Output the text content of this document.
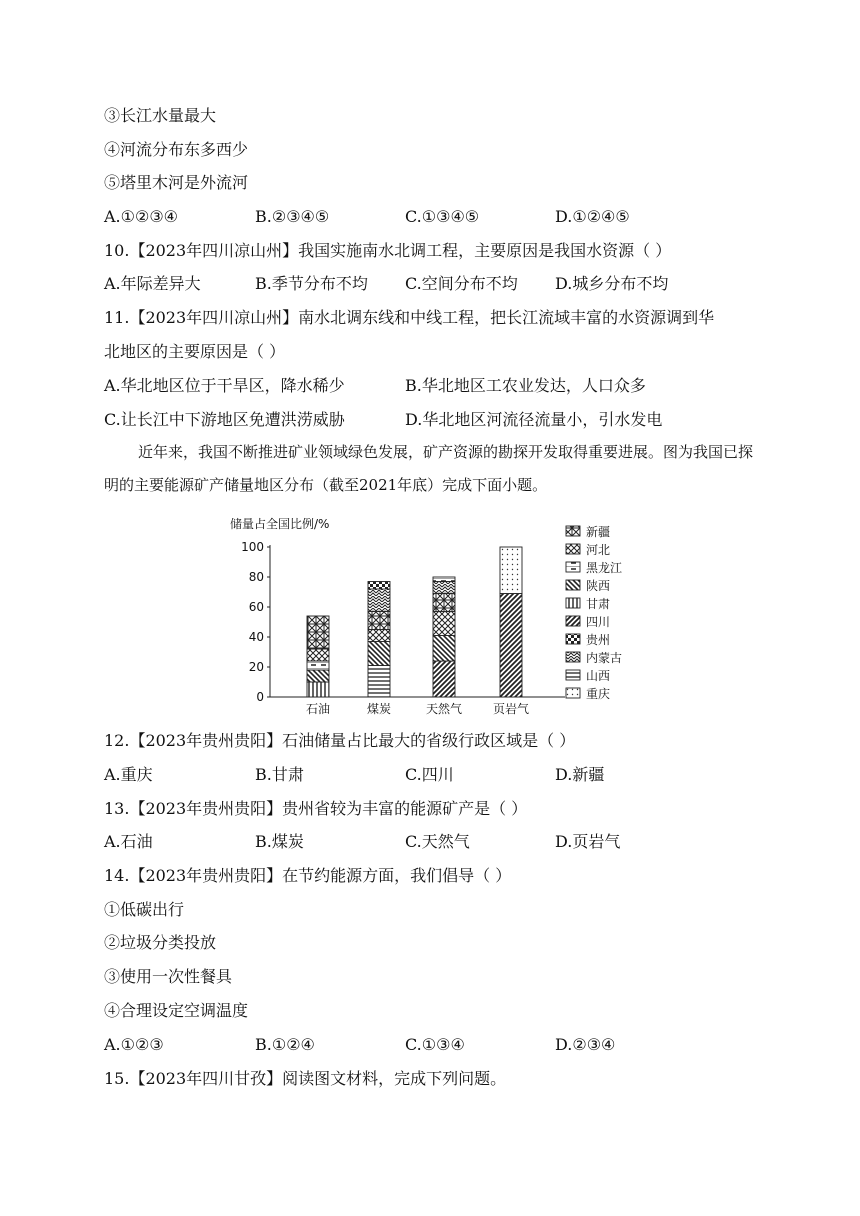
③长江水量最大
④河流分布东多西少
⑤塔里木河是外流河
A.①②③④	B.②③④⑤	C.①③④⑤	D.①②④⑤
10.【2023年四川凉山州】我国实施南水北调工程，主要原因是我国水资源（ ）
A.年际差异大	B.季节分布不均 C.空间分布不均 D.城乡分布不均
11.【2023年四川凉山州】南水北调东线和中线工程，把长江流域丰富的水资源调到华
北地区的主要原因是（ ）
A.华北地区位于干旱区，降水稀少	B.华北地区工农业发达，人口众多
C.让长江中下游地区免遭洪涝威胁	D.华北地区河流径流量小，引水发电
近年来，我国不断推进矿业领域绿色发展，矿产资源的勘探开发取得重要进展。图为我国已探明的主要能源矿产储量地区分布（截至2021年底）完成下面小题。
储量占全国比例/%
0
20
40
60
80
100
石油	煤炭	天然气	页岩气
新疆
河北
黑龙江
陕西
甘肃
四川
贵州
内蒙古
山西
重庆
12.【2023年贵州贵阳】石油储量占比最大的省级行政区域是（ ）
A.重庆	B.甘肃	C.四川	D.新疆
13.【2023年贵州贵阳】贵州省较为丰富的能源矿产是（ ）
A.石油	B.煤炭	C.天然气	D.页岩气
14.【2023年贵州贵阳】在节约能源方面，我们倡导（ ）
①低碳出行
②垃圾分类投放
③使用一次性餐具
④合理设定空调温度
A.①②③	B.①②④	C.①③④	D.②③④
15.【2023年四川甘孜】阅读图文材料，完成下列问题。
